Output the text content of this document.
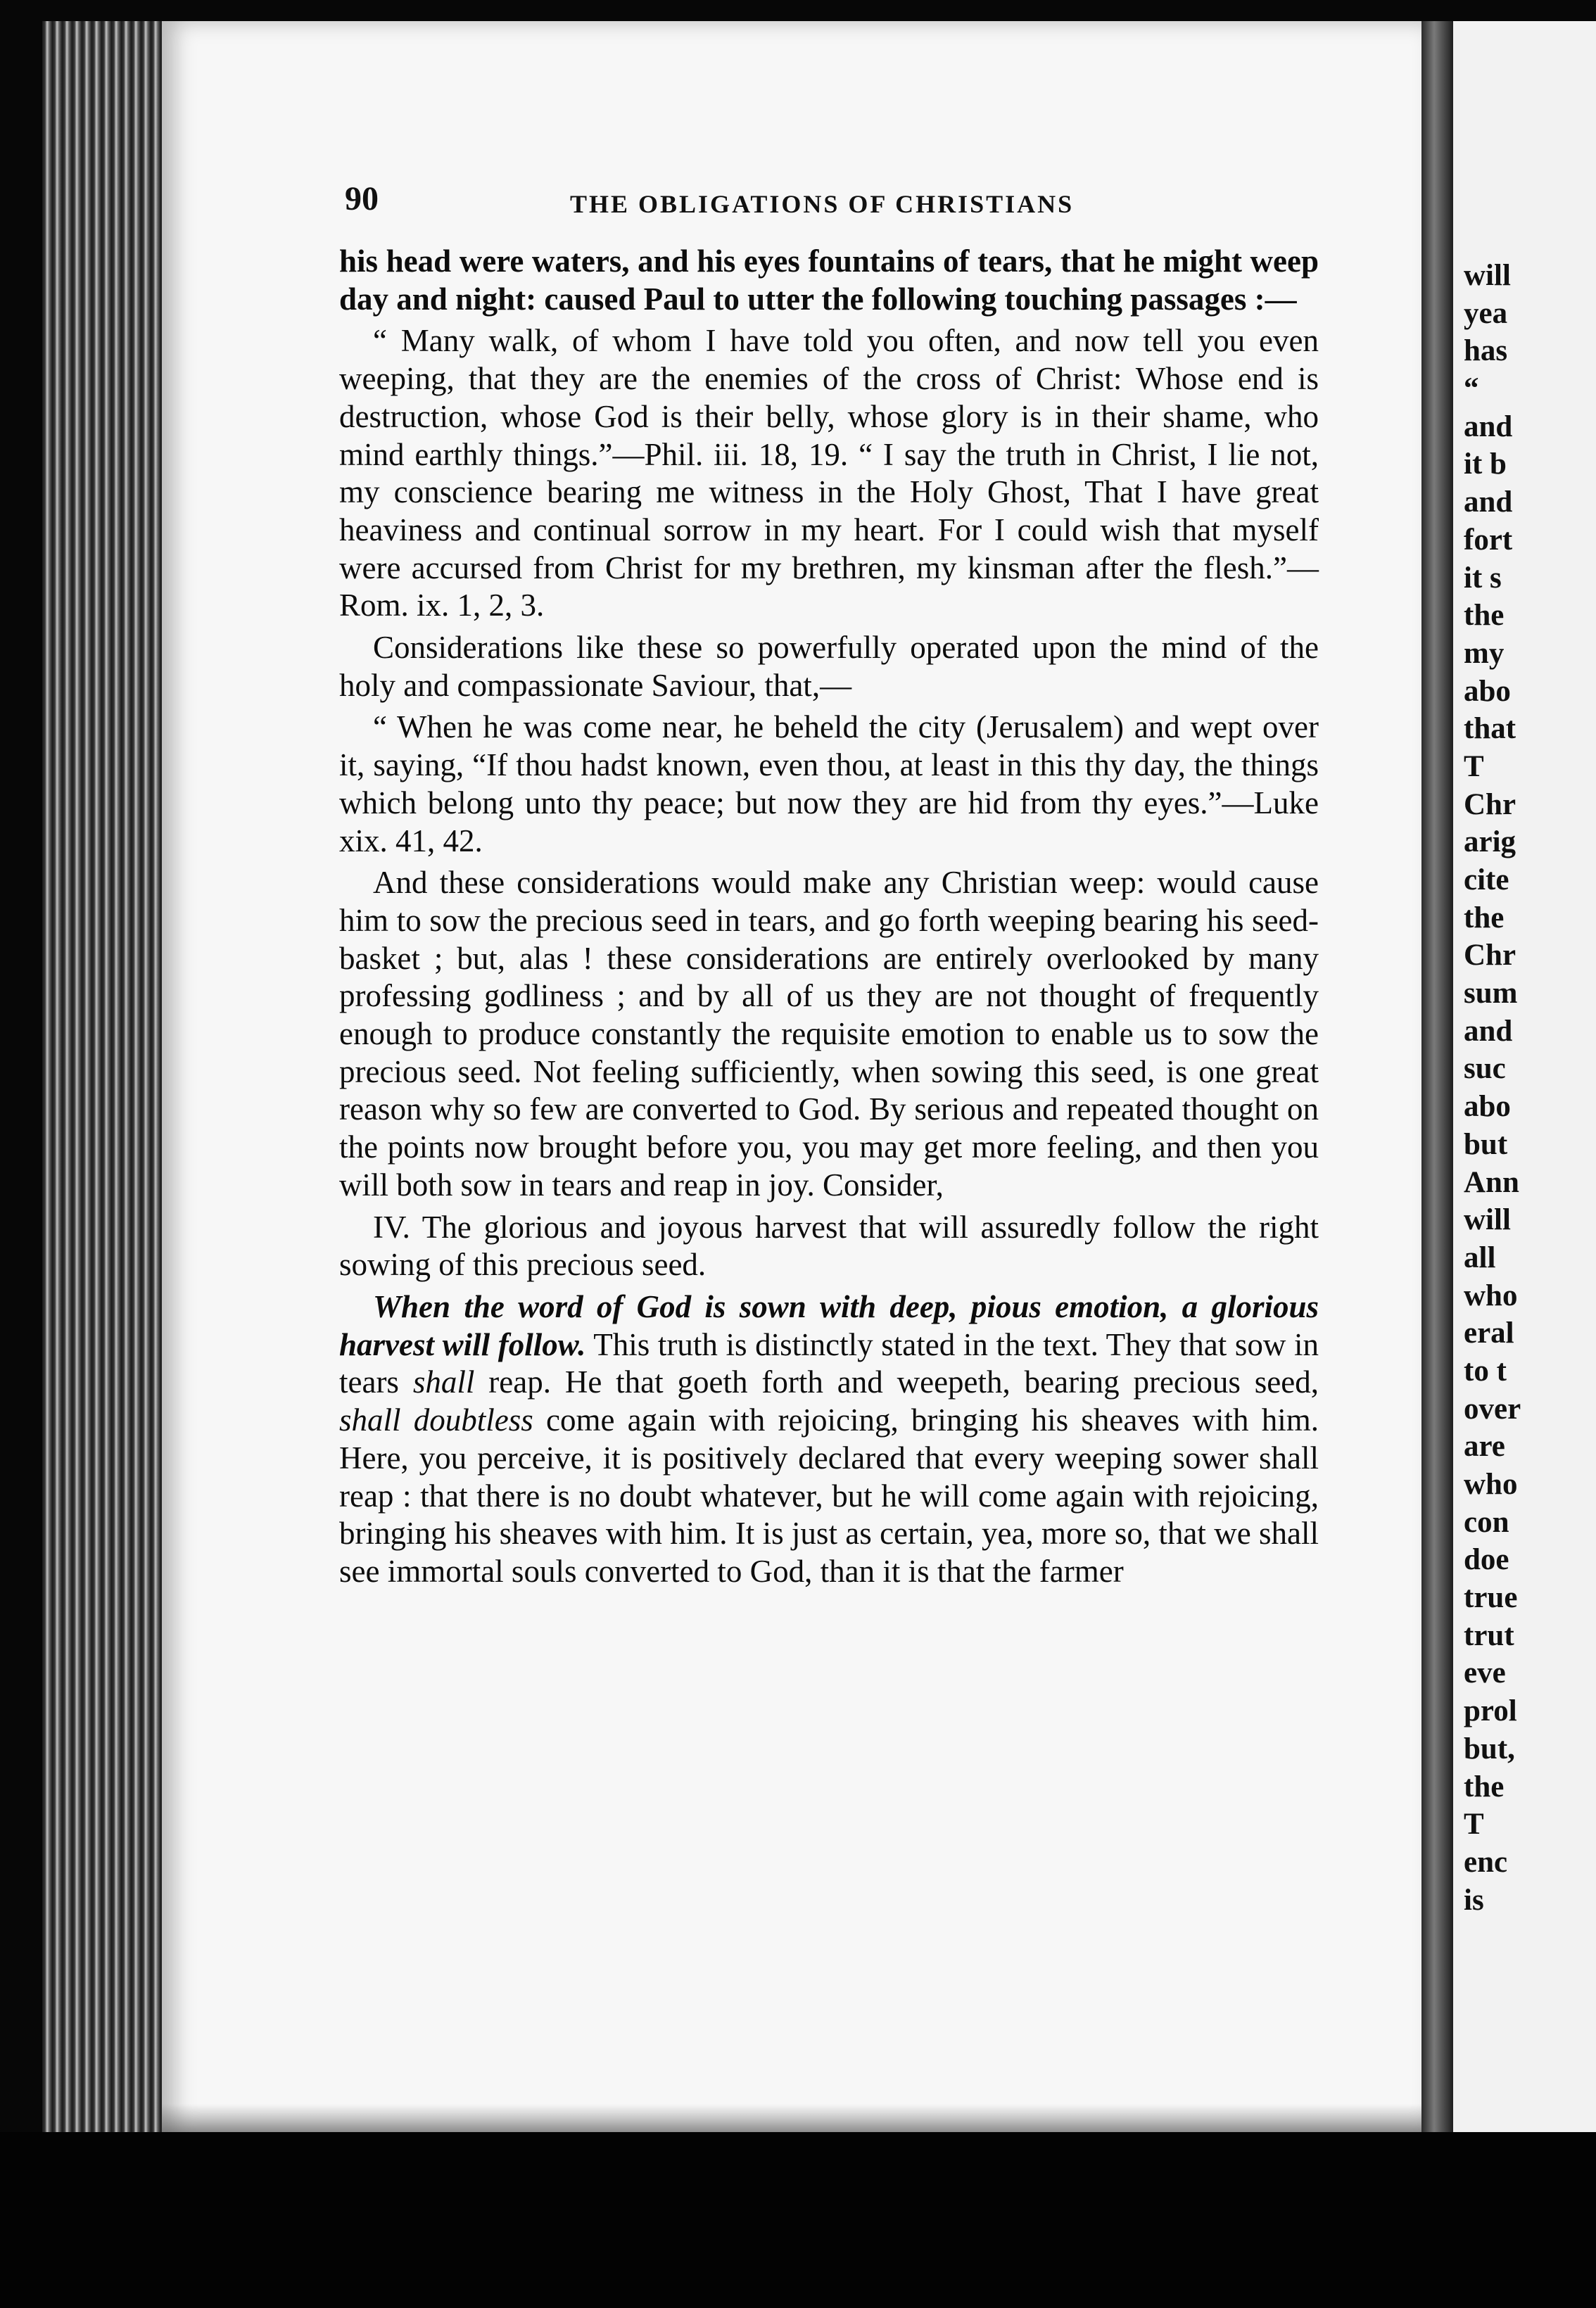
90	THE OBLIGATIONS OF CHRISTIANS

his head were waters, and his eyes fountains of tears, that he might weep day and night: caused Paul to utter the following touching passages :—

“ Many walk, of whom I have told you often, and now tell you even weeping, that they are the enemies of the cross of Christ: Whose end is destruction, whose God is their belly, whose glory is in their shame, who mind earthly things.”—Phil. iii. 18, 19. “ I say the truth in Christ, I lie not, my conscience bearing me witness in the Holy Ghost, That I have great heaviness and continual sorrow in my heart. For I could wish that myself were accursed from Christ for my brethren, my kinsman after the flesh.”—Rom. ix. 1, 2, 3.

Considerations like these so powerfully operated upon the mind of the holy and compassionate Saviour, that,—

“ When he was come near, he beheld the city (Jerusalem) and wept over it, saying, “If thou hadst known, even thou, at least in this thy day, the things which belong unto thy peace; but now they are hid from thy eyes.”—Luke xix. 41, 42.

And these considerations would make any Christian weep: would cause him to sow the precious seed in tears, and go forth weeping bearing his seed-basket ; but, alas ! these considerations are entirely overlooked by many professing godliness ; and by all of us they are not thought of frequently enough to produce constantly the requisite emotion to enable us to sow the precious seed. Not feeling sufficiently, when sowing this seed, is one great reason why so few are converted to God. By serious and repeated thought on the points now brought before you, you may get more feeling, and then you will both sow in tears and reap in joy. Consider,

IV. The glorious and joyous harvest that will assuredly follow the right sowing of this precious seed.

When the word of God is sown with deep, pious emotion, a glorious harvest will follow. This truth is distinctly stated in the text. They that sow in tears shall reap. He that goeth forth and weepeth, bearing precious seed, shall doubtless come again with rejoicing, bringing his sheaves with him. Here, you perceive, it is positively declared that every weeping sower shall reap : that there is no doubt whatever, but he will come again with rejoicing, bringing his sheaves with him. It is just as certain, yea, more so, that we shall see immortal souls converted to God, than it is that the farmer

will
yea
has
“
and
it b
and
fort
it s
the
my
abo
that
T
Chr
arig
cite
the
Chr
sum
and
suc
abo
but
Ann
will
all
who
eral
to t
over
are
who
con
doe
true
trut
eve
prol
but,
the
T
enc
is
